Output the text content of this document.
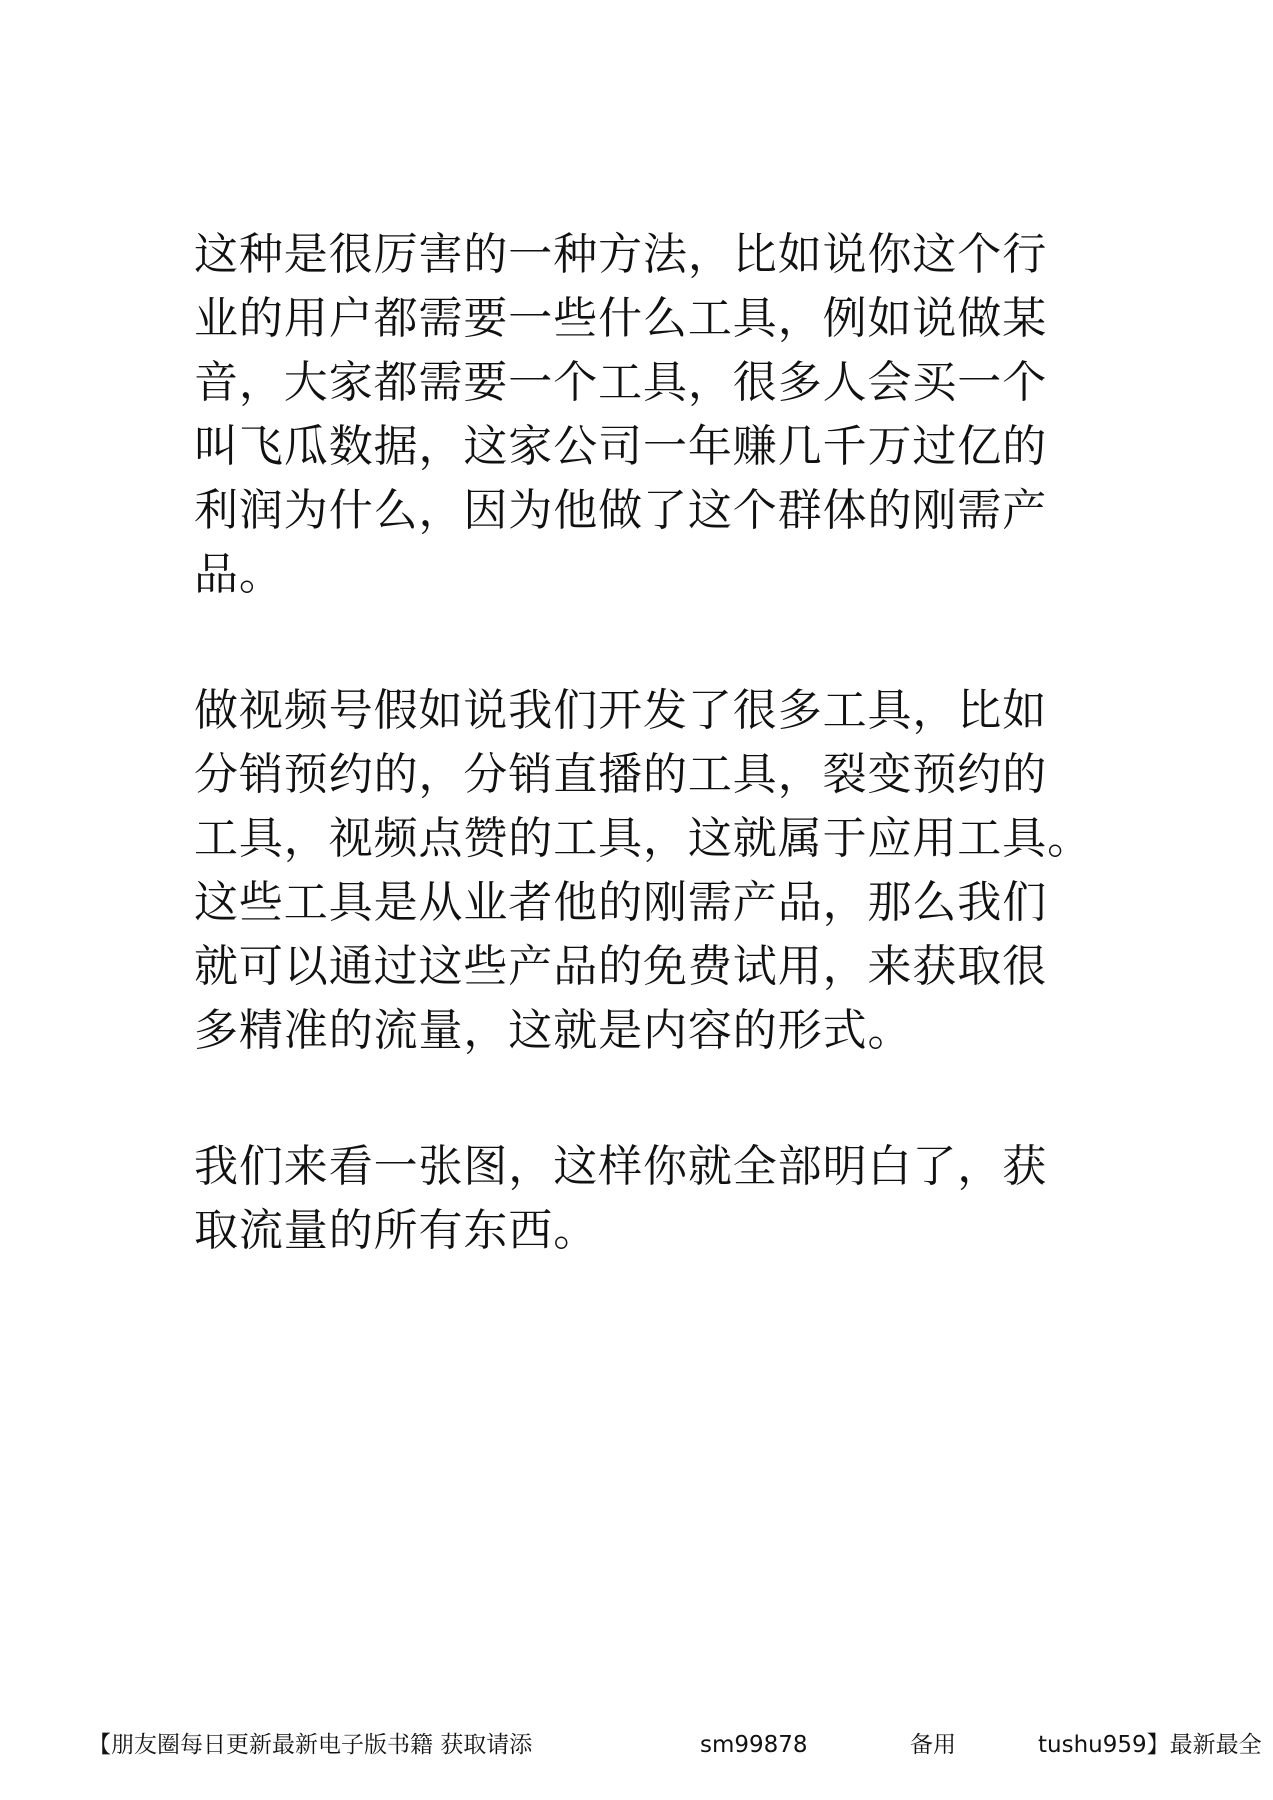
这种是很厉害的一种方法，比如说你这个行
业的用户都需要一些什么工具，例如说做某
音，大家都需要一个工具，很多人会买一个
叫飞瓜数据，这家公司一年赚几千万过亿的
利润为什么，因为他做了这个群体的刚需产
品。
做视频号假如说我们开发了很多工具，比如
分销预约的，分销直播的工具，裂变预约的
工具，视频点赞的工具，这就属于应用工具。
这些工具是从业者他的刚需产品，那么我们
就可以通过这些产品的免费试用，来获取很
多精准的流量，这就是内容的形式。
我们来看一张图，这样你就全部明白了，获
取流量的所有东西。
【朋友圈每日更新最新电子版书籍 获取请添	sm99878	备用	tushu959】最新最全
